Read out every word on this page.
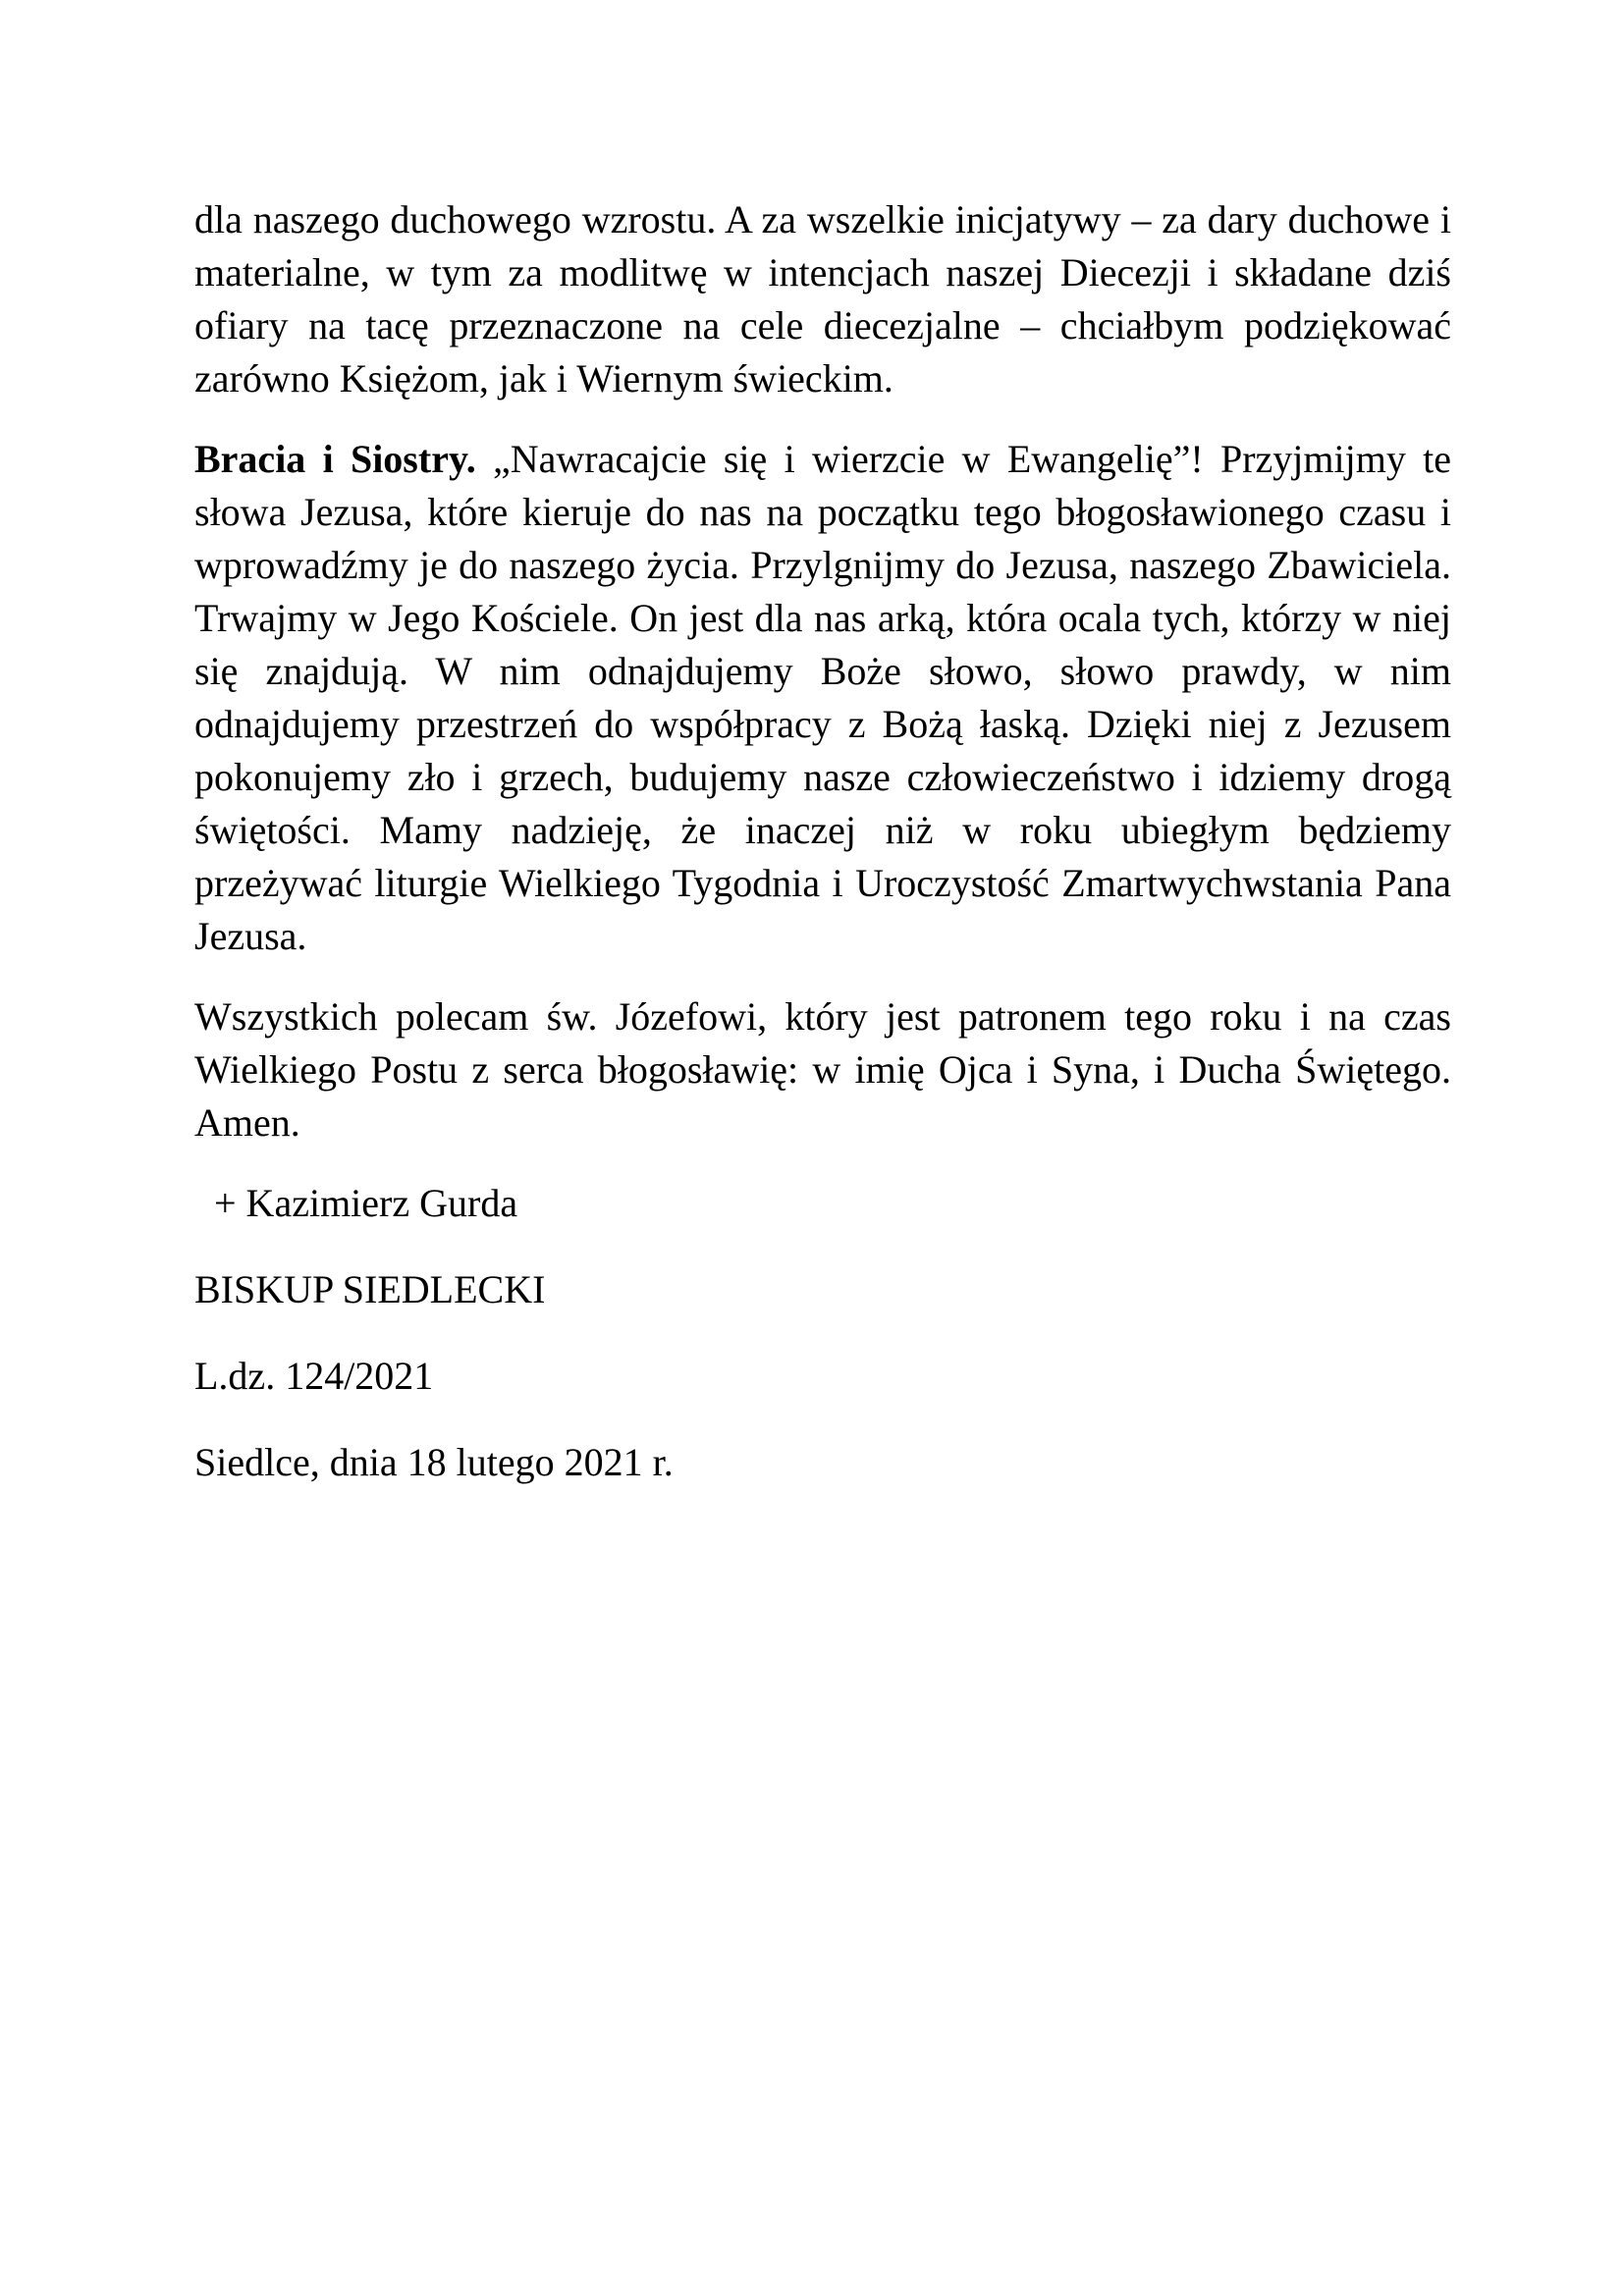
dla naszego duchowego wzrostu. A za wszelkie inicjatywy – za dary duchowe i materialne, w tym za modlitwę w intencjach naszej Diecezji i składane dziś ofiary na tacę przeznaczone na cele diecezjalne – chciałbym podziękować zarówno Księżom, jak i Wiernym świeckim.

Bracia i Siostry. „Nawracajcie się i wierzcie w Ewangelię”! Przyjmijmy te słowa Jezusa, które kieruje do nas na początku tego błogosławionego czasu i wprowadźmy je do naszego życia. Przylgnijmy do Jezusa, naszego Zbawiciela. Trwajmy w Jego Kościele. On jest dla nas arką, która ocala tych, którzy w niej się znajdują. W nim odnajdujemy Boże słowo, słowo prawdy, w nim odnajdujemy przestrzeń do współpracy z Bożą łaską. Dzięki niej z Jezusem pokonujemy zło i grzech, budujemy nasze człowieczeństwo i idziemy drogą świętości. Mamy nadzieję, że inaczej niż w roku ubiegłym będziemy przeżywać liturgie Wielkiego Tygodnia i Uroczystość Zmartwychwstania Pana Jezusa.

Wszystkich polecam św. Józefowi, który jest patronem tego roku i na czas Wielkiego Postu z serca błogosławię: w imię Ojca i Syna, i Ducha Świętego. Amen.

+ Kazimierz Gurda

BISKUP SIEDLECKI

L.dz. 124/2021

Siedlce, dnia 18 lutego 2021 r.
